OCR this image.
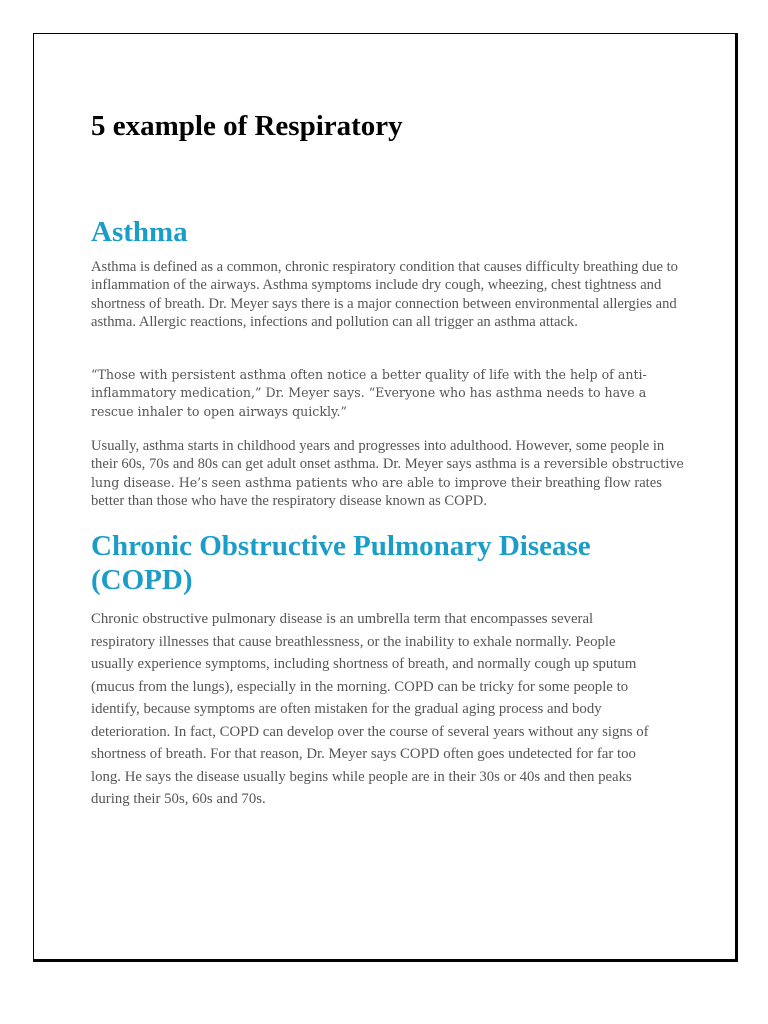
5 example of Respiratory
Asthma

Asthma is defined as a common, chronic respiratory condition that causes difficulty breathing due to inflammation of the airways. Asthma symptoms include dry cough, wheezing, chest tightness and shortness of breath. Dr. Meyer says there is a major connection between environmental allergies and asthma. Allergic reactions, infections and pollution can all trigger an asthma attack.

“Those with persistent asthma often notice a better quality of life with the help of anti-inflammatory medication,” Dr. Meyer says. “Everyone who has asthma needs to have a rescue inhaler to open airways quickly.”

Usually, asthma starts in childhood years and progresses into adulthood. However, some people in their 60s, 70s and 80s can get adult onset asthma. Dr. Meyer says asthma is a reversible obstructive lung disease. He’s seen asthma patients who are able to improve their breathing flow rates better than those who have the respiratory disease known as COPD.

Chronic Obstructive Pulmonary Disease (COPD)

Chronic obstructive pulmonary disease is an umbrella term that encompasses several respiratory illnesses that cause breathlessness, or the inability to exhale normally. People usually experience symptoms, including shortness of breath, and normally cough up sputum (mucus from the lungs), especially in the morning. COPD can be tricky for some people to identify, because symptoms are often mistaken for the gradual aging process and body deterioration. In fact, COPD can develop over the course of several years without any signs of shortness of breath. For that reason, Dr. Meyer says COPD often goes undetected for far too long. He says the disease usually begins while people are in their 30s or 40s and then peaks during their 50s, 60s and 70s.
